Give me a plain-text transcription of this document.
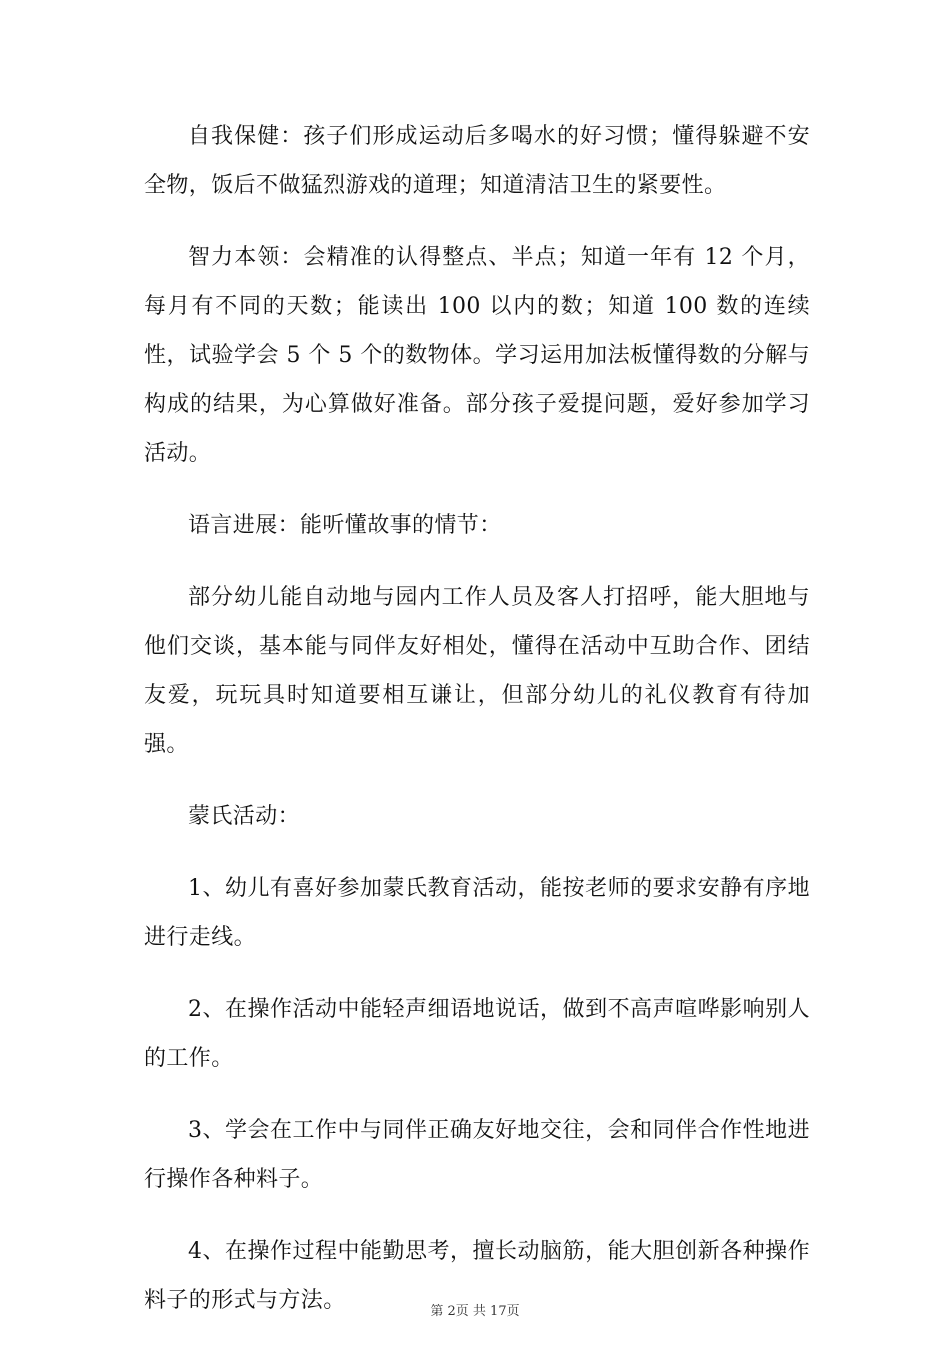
自我保健：孩子们形成运动后多喝水的好习惯；懂得躲避不安全物，饭后不做猛烈游戏的道理；知道清洁卫生的紧要性。

智力本领：会精准的认得整点、半点；知道一年有 12 个月，每月有不同的天数；能读出 100 以内的数；知道 100 数的连续性，试验学会 5 个 5 个的数物体。学习运用加法板懂得数的分解与构成的结果，为心算做好准备。部分孩子爱提问题，爱好参加学习活动。

语言进展：能听懂故事的情节：

部分幼儿能自动地与园内工作人员及客人打招呼，能大胆地与他们交谈，基本能与同伴友好相处，懂得在活动中互助合作、团结友爱，玩玩具时知道要相互谦让，但部分幼儿的礼仪教育有待加强。

蒙氏活动：

1、幼儿有喜好参加蒙氏教育活动，能按老师的要求安静有序地进行走线。

2、在操作活动中能轻声细语地说话，做到不高声喧哗影响别人的工作。

3、学会在工作中与同伴正确友好地交往，会和同伴合作性地进行操作各种料子。

4、在操作过程中能勤思考，擅长动脑筋，能大胆创新各种操作料子的形式与方法。	第 2页 共 17页
